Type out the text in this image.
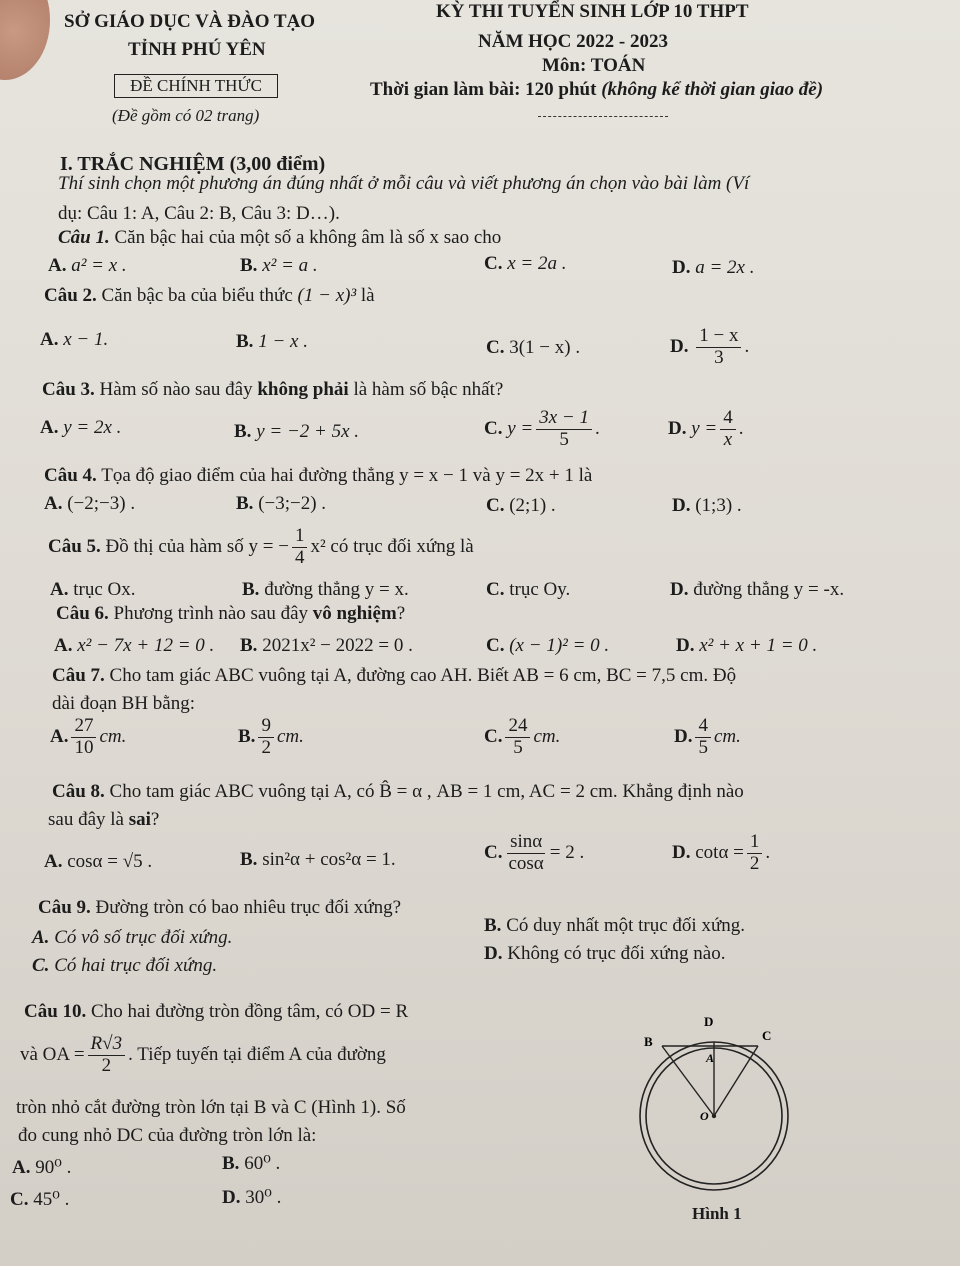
SỞ GIÁO DỤC VÀ ĐÀO TẠO
TỈNH PHÚ YÊN
ĐỀ CHÍNH THỨC
(Đề gồm có 02 trang)
KỲ THI TUYỂN SINH LỚP 10 THPT
NĂM HỌC 2022 - 2023
Môn: TOÁN
Thời gian làm bài: 120 phút (không kể thời gian giao đề)
I. TRẮC NGHIỆM (3,00 điểm)
Thí sinh chọn một phương án đúng nhất ở mỗi câu và viết phương án chọn vào bài làm (Ví
dụ: Câu 1: A, Câu 2: B, Câu 3: D…).
Câu 1. Căn bậc hai của một số a không âm là số x sao cho
A. a² = x .	B. x² = a .	C. x = 2a .	D. a = 2x .
Câu 2. Căn bậc ba của biểu thức (1 − x)³ là
A. x − 1.	B. 1 − x .	C. 3(1 − x) .	D. $\frac{1 - x}{3}$ .
Câu 3. Hàm số nào sau đây không phải là hàm số bậc nhất?
A. y = 2x .	B. y = −2 + 5x .	C. $y = \frac{3x - 1}{5}$ .	D. $y = \frac{4}{x}$ .
Câu 4. Tọa độ giao điểm của hai đường thẳng y = x − 1 và y = 2x + 1 là
A. (−2;−3) .	B. (−3;−2) .	C. (2;1) .	D. (1;3) .
Câu 5. Đồ thị của hàm số y = − $\frac{1}{4} x^2$ có trục đối xứng là
A. trục Ox.	B. đường thẳng y = x.	C. trục Oy.	D. đường thẳng y = -x.
Câu 6. Phương trình nào sau đây vô nghiệm?
A. x² − 7x + 12 = 0 . B. 2021x² − 2022 = 0 .	C. (x − 1)² = 0 .	D. x² + x + 1 = 0 .
Câu 7. Cho tam giác ABC vuông tại A, đường cao AH. Biết AB = 6 cm, BC = 7,5 cm. Độ
dài đoạn BH bằng:
A. $\frac{27}{10}$ cm.	B. $\frac{9}{2}$ cm.	C. $\frac{24}{5}$ cm.	D. $\frac{4}{5}$ cm.
Câu 8. Cho tam giác ABC vuông tại A, có B̂ = α , AB = 1 cm, AC = 2 cm. Khẳng định nào
sau đây là sai?
A. cosα = √5 .	B. sin²α + cos²α = 1.	C. $\frac{\sin\alpha}{\cos\alpha} = 2$ .	D. $\cot\alpha = \frac{1}{2}$ .
Câu 9. Đường tròn có bao nhiêu trục đối xứng?
A. Có vô số trục đối xứng.
B. Có duy nhất một trục đối xứng.
C. Có hai trục đối xứng.
D. Không có trục đối xứng nào.
Câu 10. Cho hai đường tròn đồng tâm, có OD = R
và OA = $\frac{R√3}{2}$ . Tiếp tuyến tại điểm A của đường
tròn nhỏ cắt đường tròn lớn tại B và C (Hình 1). Số
đo cung nhỏ DC của đường tròn lớn là:
A. 90⁰ .	B. 60⁰ .
C. 45⁰ .	D. 30⁰ .
D
B	C
A
O
Hình 1
